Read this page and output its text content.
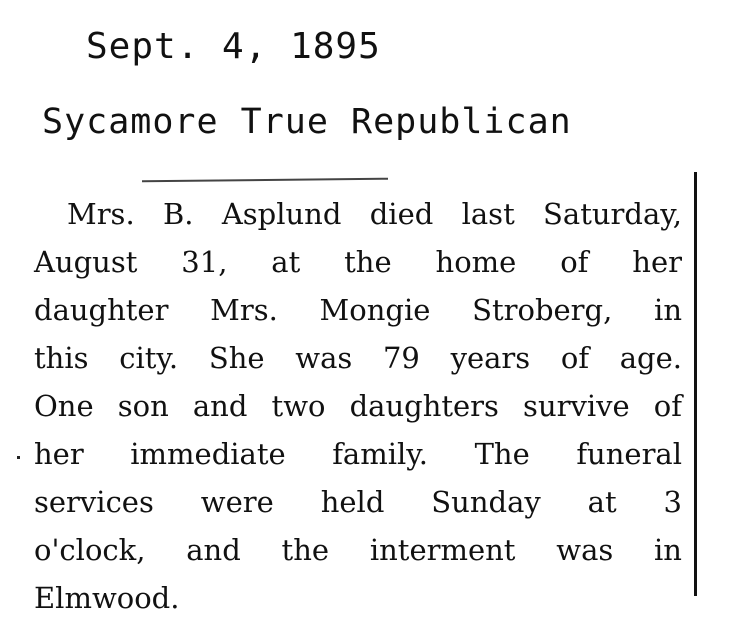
Sept. 4, 1895
Sycamore True Republican
Mrs. B. Asplund died last Saturday,
August 31, at the home of her
daughter Mrs. Mongie Stroberg, in
this city. She was 79 years of age.
One son and two daughters survive of
her immediate family. The funeral
services were held Sunday at 3
o'clock, and the interment was in
Elmwood.
